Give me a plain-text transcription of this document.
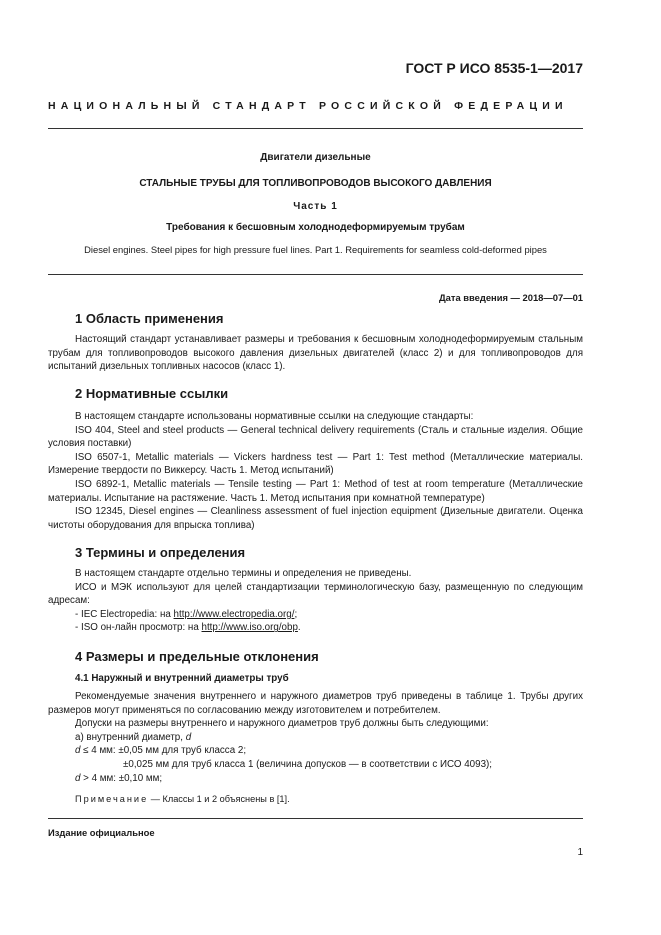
ГОСТ Р ИСО 8535-1—2017
НАЦИОНАЛЬНЫЙ СТАНДАРТ РОССИЙСКОЙ ФЕДЕРАЦИИ
Двигатели дизельные
СТАЛЬНЫЕ ТРУБЫ ДЛЯ ТОПЛИВОПРОВОДОВ ВЫСОКОГО ДАВЛЕНИЯ
Часть 1
Требования к бесшовным холоднодеформируемым трубам
Diesel engines. Steel pipes for high pressure fuel lines. Part 1. Requirements for seamless cold-deformed pipes
Дата введения — 2018—07—01
1 Область применения

Настоящий стандарт устанавливает размеры и требования к бесшовным холоднодеформируемым стальным трубам для топливопроводов высокого давления дизельных двигателей (класс 2) и для топливопроводов для испытаний дизельных топливных насосов (класс 1).

2 Нормативные ссылки

В настоящем стандарте использованы нормативные ссылки на следующие стандарты:

ISO 404, Steel and steel products — General technical delivery requirements (Сталь и стальные изделия. Общие условия поставки)

ISO 6507-1, Metallic materials — Vickers hardness test — Part 1: Test method (Металлические материалы. Измерение твердости по Виккерсу. Часть 1. Метод испытаний)

ISO 6892-1, Metallic materials — Tensile testing — Part 1: Method of test at room temperature (Металлические материалы. Испытание на растяжение. Часть 1. Метод испытания при комнатной температуре)

ISO 12345, Diesel engines — Cleanliness assessment of fuel injection equipment (Дизельные двигатели. Оценка чистоты оборудования для впрыска топлива)

3 Термины и определения

В настоящем стандарте отдельно термины и определения не приведены.

ИСО и МЭК используют для целей стандартизации терминологическую базу, размещенную по следующим адресам:

- IEC Electropedia: на http://www.electropedia.org/;

- ISO он-лайн просмотр: на http://www.iso.org/obp.

4 Размеры и предельные отклонения
4.1 Наружный и внутренний диаметры труб

Рекомендуемые значения внутреннего и наружного диаметров труб приведены в таблице 1. Трубы других размеров могут применяться по согласованию между изготовителем и потребителем.

Допуски на размеры внутреннего и наружного диаметров труб должны быть следующими:

а) внутренний диаметр, d

d ≤ 4 мм: ±0,05 мм для труб класса 2;

±0,025 мм для труб класса 1 (величина допусков — в соответствии с ИСО 4093);

d > 4 мм: ±0,10 мм;

Примечание — Классы 1 и 2 объяснены в [1].

Издание официальное
1
